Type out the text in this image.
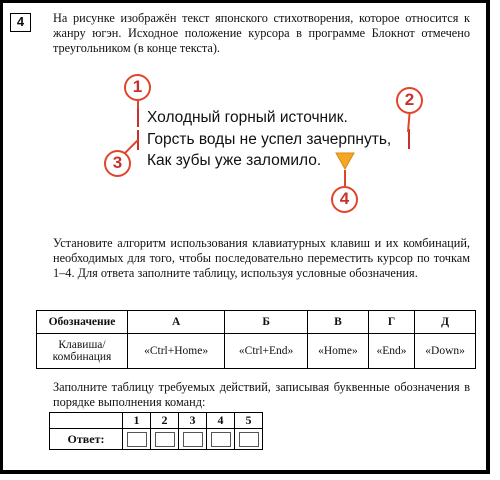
4	На рисунке изображён текст японского стихотворения, которое относится к жанру югэн. Исходное положение курсора в программе Блокнот отмечено треугольником (в конце текста).
Холодный горный источник.
Горсть воды не успел зачерпнуть,
Как зубы уже заломило.
1
2
3
4
Установите алгоритм использования клавиатурных клавиш и их комбинаций, необходимых для того, чтобы последовательно переместить курсор по точкам 1–4. Для ответа заполните таблицу, используя условные обозначения.
Обозначение	А	Б	В	Г	Д
Клавиша/ комбинация	«Ctrl+Home»	«Ctrl+End»	«Home»	«End»	«Down»
Заполните таблицу требуемых действий, записывая буквенные обозначения в порядке выполнения команд:
	1	2	3	4	5
Ответ:	
